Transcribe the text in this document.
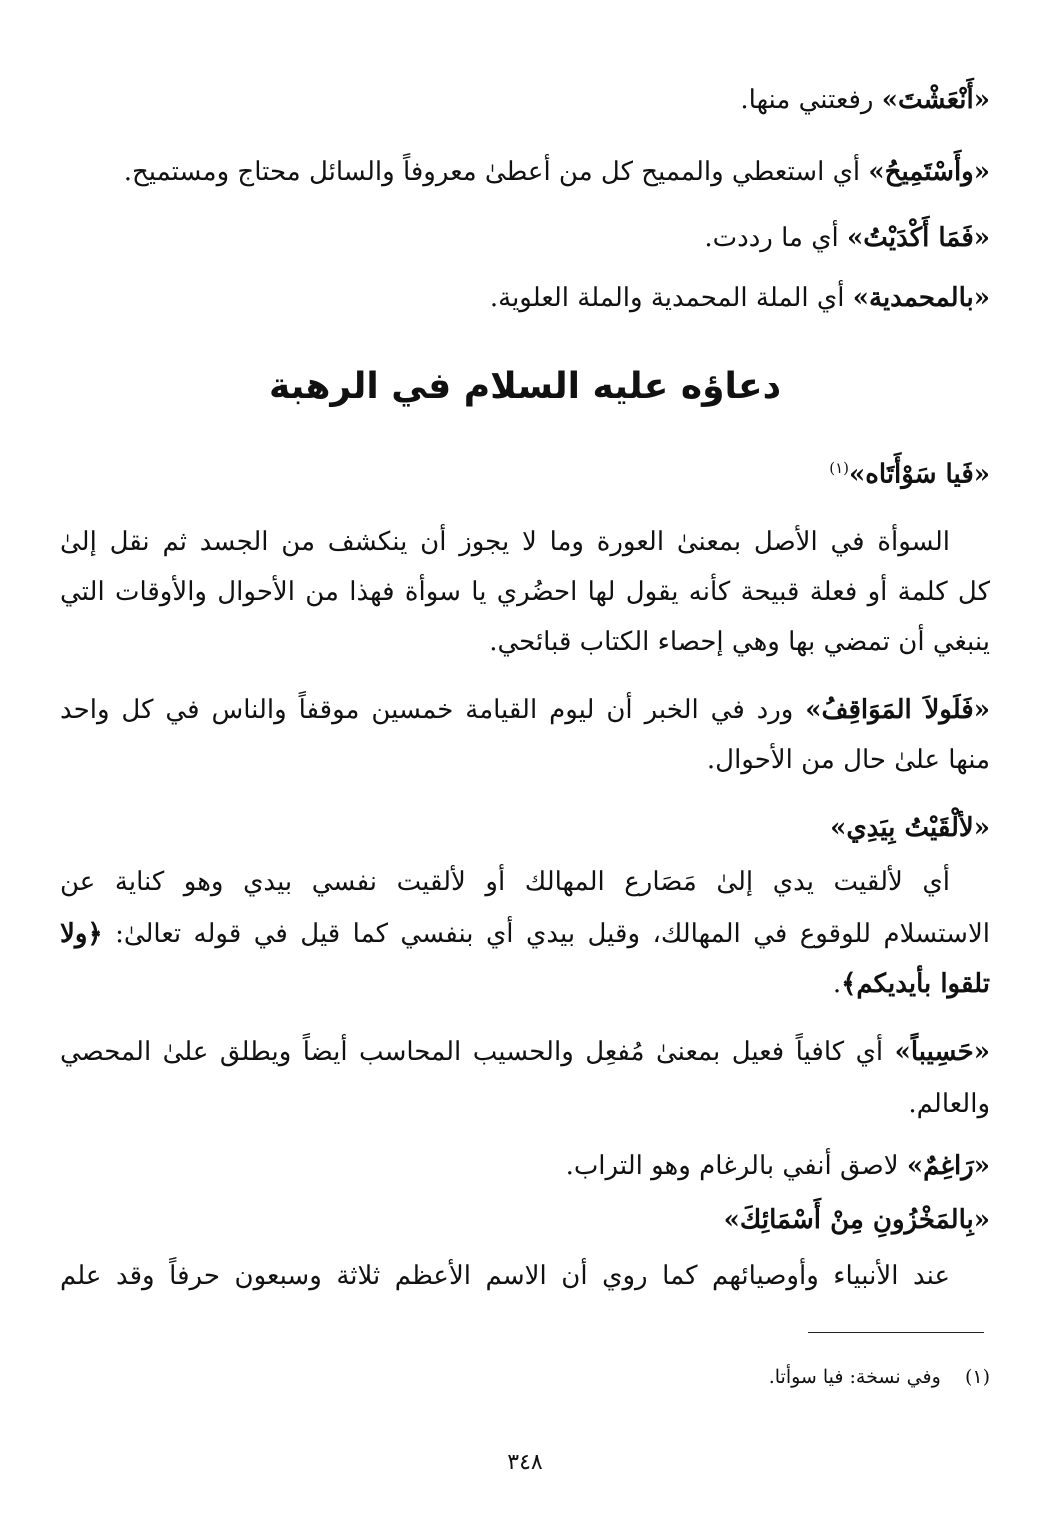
«أَنْعَشْتَ» رفعتني منها.
«وأَسْتَمِيحُ» أي استعطي والمميح كل من أعطىٰ معروفاً والسائل محتاج ومستميح.
«فَمَا أَكْدَيْتُ» أي ما رددت.
«بالمحمدية» أي الملة المحمدية والملة العلوية.
دعاؤه عليه السلام في الرهبة
«فَيا سَوْأَتَاه»$^{(١)}$
السوأة في الأصل بمعنىٰ العورة وما لا يجوز أن ينكشف من الجسد ثم نقل إلىٰ
كل كلمة أو فعلة قبيحة كأنه يقول لها احضُري يا سوأة فهذا من الأحوال والأوقات التي
ينبغي أن تمضي بها وهي إحصاء الكتاب قبائحي.
«فَلَولاَ المَوَاقِفُ» ورد في الخبر أن ليوم القيامة خمسين موقفاً والناس في كل واحد
منها علىٰ حال من الأحوال.
«لألْقَيْتُ بِيَدِي»
أي لألقيت يدي إلىٰ مَصَارع المهالك أو لألقيت نفسي بيدي وهو كناية عن
الاستسلام للوقوع في المهالك، وقيل بيدي أي بنفسي كما قيل في قوله تعالىٰ: ﴿ولا
تلقوا بأيديكم﴾.
«حَسِيباً» أي كافياً فعيل بمعنىٰ مُفعِل والحسيب المحاسب أيضاً ويطلق علىٰ المحصي
والعالم.
«رَاغِمٌ» لاصق أنفي بالرغام وهو التراب.
«بِالمَخْزُونِ مِنْ أَسْمَائِكَ»
عند الأنبياء وأوصيائهم كما روي أن الاسم الأعظم ثلاثة وسبعون حرفاً وقد علم
(١)    وفي نسخة: فيا سوأتا.
٣٤٨
